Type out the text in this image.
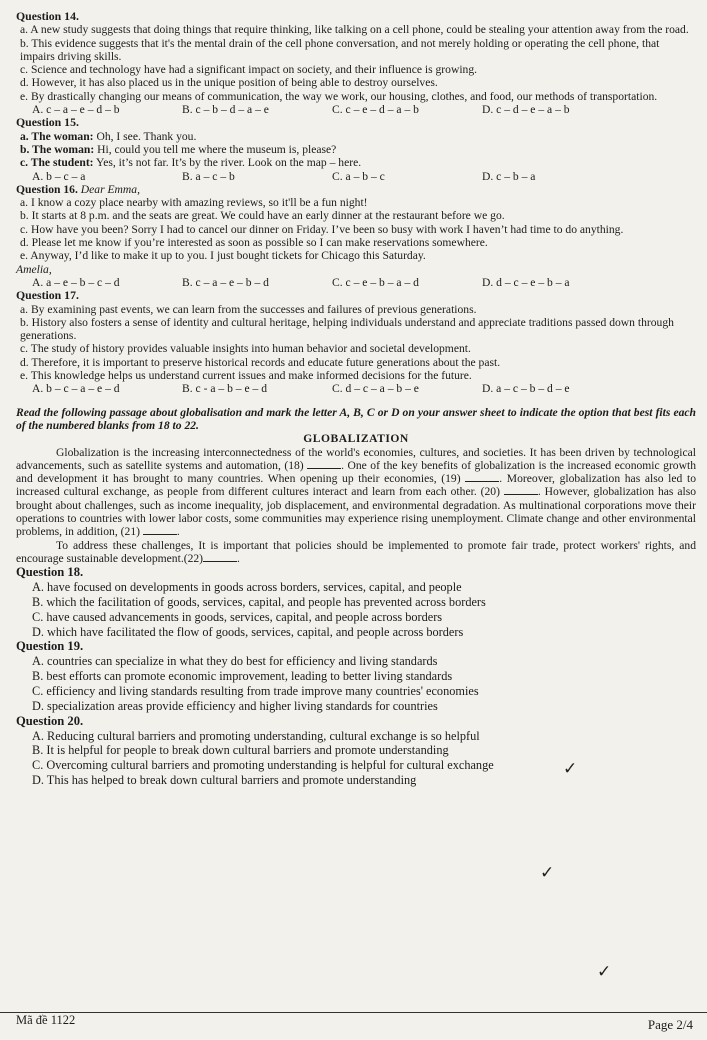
Question 14.

a. A new study suggests that doing things that require thinking, like talking on a cell phone, could be stealing your attention away from the road.

b. This evidence suggests that it's the mental drain of the cell phone conversation, and not merely holding or operating the cell phone, that impairs driving skills.

c. Science and technology have had a significant impact on society, and their influence is growing.

d. However, it has also placed us in the unique position of being able to destroy ourselves.

e. By drastically changing our means of communication, the way we work, our housing, clothes, and food, our methods of transportation.

A. c – a – e – d – b	B. c – b – d – a – e	C. c – e – d – a – b	D. c – d – e – a – b

Question 15.

a. The woman: Oh, I see. Thank you.

b. The woman: Hi, could you tell me where the museum is, please?

c. The student: Yes, it’s not far. It’s by the river. Look on the map – here.

A. b – c – a	B. a – c – b	C. a – b – c	D. c – b – a

Question 16. Dear Emma,

a. I know a cozy place nearby with amazing reviews, so it'll be a fun night!

b. It starts at 8 p.m. and the seats are great. We could have an early dinner at the restaurant before we go.

c. How have you been? Sorry I had to cancel our dinner on Friday. I’ve been so busy with work I haven’t had time to do anything.

d. Please let me know if you’re interested as soon as possible so I can make reservations somewhere.

e. Anyway, I’d like to make it up to you. I just bought tickets for Chicago this Saturday.

Amelia,

A. a – e – b – c – d	B. c – a – e – b – d	C. c – e – b – a – d	D. d – c – e – b – a

Question 17.

a. By examining past events, we can learn from the successes and failures of previous generations.

b. History also fosters a sense of identity and cultural heritage, helping individuals understand and appreciate traditions passed down through generations.

c. The study of history provides valuable insights into human behavior and societal development.

d. Therefore, it is important to preserve historical records and educate future generations about the past.

e. This knowledge helps us understand current issues and make informed decisions for the future.

A. b – c – a – e – d	B. c - a – b – e – d	C. d – c – a – b – e	D. a – c – b – d – e

Read the following passage about globalisation and mark the letter A, B, C or D on your answer sheet to indicate the option that best fits each of the numbered blanks from 18 to 22.

GLOBALIZATION

Globalization is the increasing interconnectedness of the world's economies, cultures, and societies. It has been driven by technological advancements, such as satellite systems and automation, (18)	. One of the key benefits of globalization is the increased economic growth and development it has brought to many countries. When opening up their economies, (19)	. Moreover, globalization has also led to increased cultural exchange, as people from different cultures interact and learn from each other. (20)	. However, globalization has also brought about challenges, such as income inequality, job displacement, and environmental degradation. As multinational corporations move their operations to countries with lower labor costs, some communities may experience rising unemployment. Climate change and other environmental problems, in addition, (21)	.

To address these challenges, It is important that policies should be implemented to promote fair trade, protect workers' rights, and encourage sustainable development.(22)	.

Question 18.

A. have focused on developments in goods across borders, services, capital, and people

B. which the facilitation of goods, services, capital, and people has prevented across borders

C. have caused advancements in goods, services, capital, and people across borders

D. which have facilitated the flow of goods, services, capital, and people across borders

Question 19.

A. countries can specialize in what they do best for efficiency and living standards

B. best efforts can promote economic improvement, leading to better living standards

C. efficiency and living standards resulting from trade improve many countries' economies

D. specialization areas provide efficiency and higher living standards for countries

Question 20.

A. Reducing cultural barriers and promoting understanding, cultural exchange is so helpful

B. It is helpful for people to break down cultural barriers and promote understanding

C. Overcoming cultural barriers and promoting understanding is helpful for cultural exchange

D. This has helped to break down cultural barriers and promote understanding

✓
✓
✓
Mã đề 1122	Page 2/4
